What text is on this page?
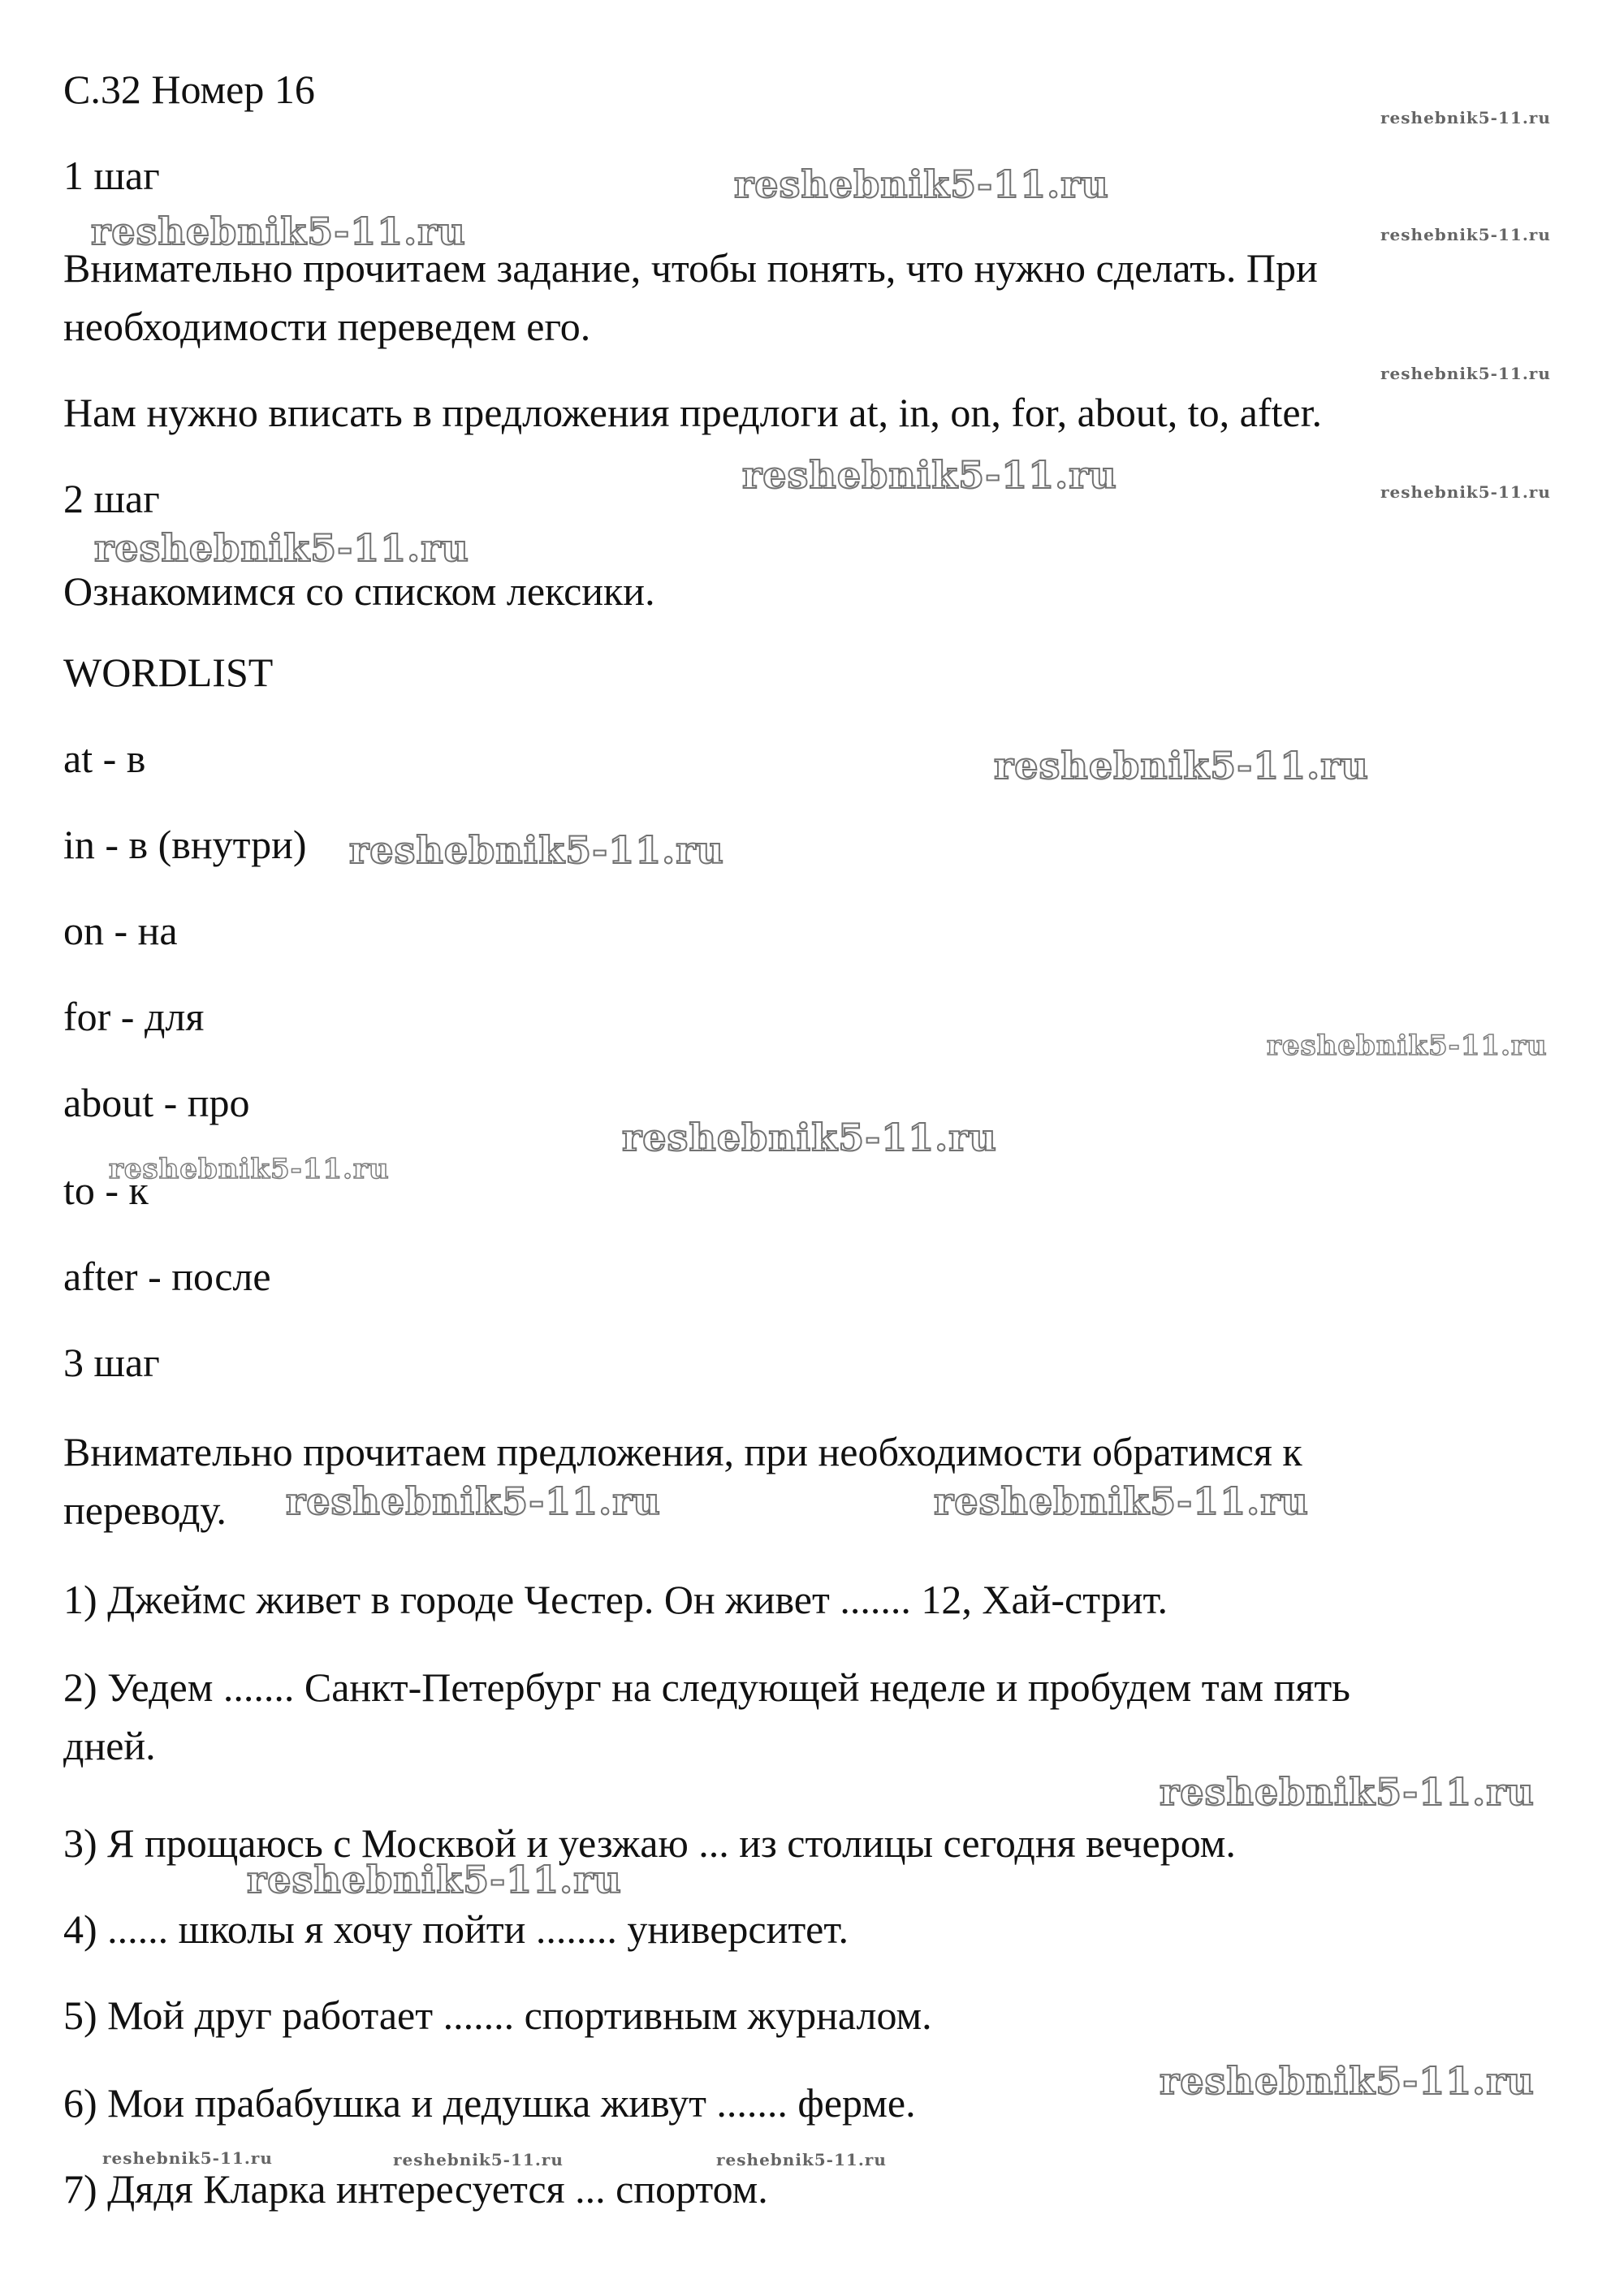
С.32 Номер 16

1 шаг

Внимательно прочитаем задание, чтобы понять, что нужно сделать. При

необходимости переведем его.

Нам нужно вписать в предложения предлоги at, in, on, for, about, to, after.

2 шаг

Ознакомимся со списком лексики.

WORDLIST

at - в

in - в (внутри)

on - на

for - для

about - про

to - к

after - после

3 шаг

Внимательно прочитаем предложения, при необходимости обратимся к

переводу.

1) Джеймс живет в городе Честер. Он живет ....... 12, Хай-стрит.

2) Уедем ....... Санкт-Петербург на следующей неделе и пробудем там пять

дней.

3) Я прощаюсь с Москвой и уезжаю ... из столицы сегодня вечером.

4) ...... школы я хочу пойти ........ университет.

5) Мой друг работает ....... спортивным журналом.

6) Мои прабабушка и дедушка живут ....... ферме.

7) Дядя Кларка интересуется ... спортом.

reshebnik5-11.ru
reshebnik5-11.ru
reshebnik5-11.ru	reshebnik5-11.ru
reshebnik5-11.ru
reshebnik5-11.ru	reshebnik5-11.ru
reshebnik5-11.ru
reshebnik5-11.ru
reshebnik5-11.ru
reshebnik5-11.ru
reshebnik5-11.ru
reshebnik5-11.ru
reshebnik5-11.ru	reshebnik5-11.ru
reshebnik5-11.ru
reshebnik5-11.ru
reshebnik5-11.ru
reshebnik5-11.ru	reshebnik5-11.ru	reshebnik5-11.ru
